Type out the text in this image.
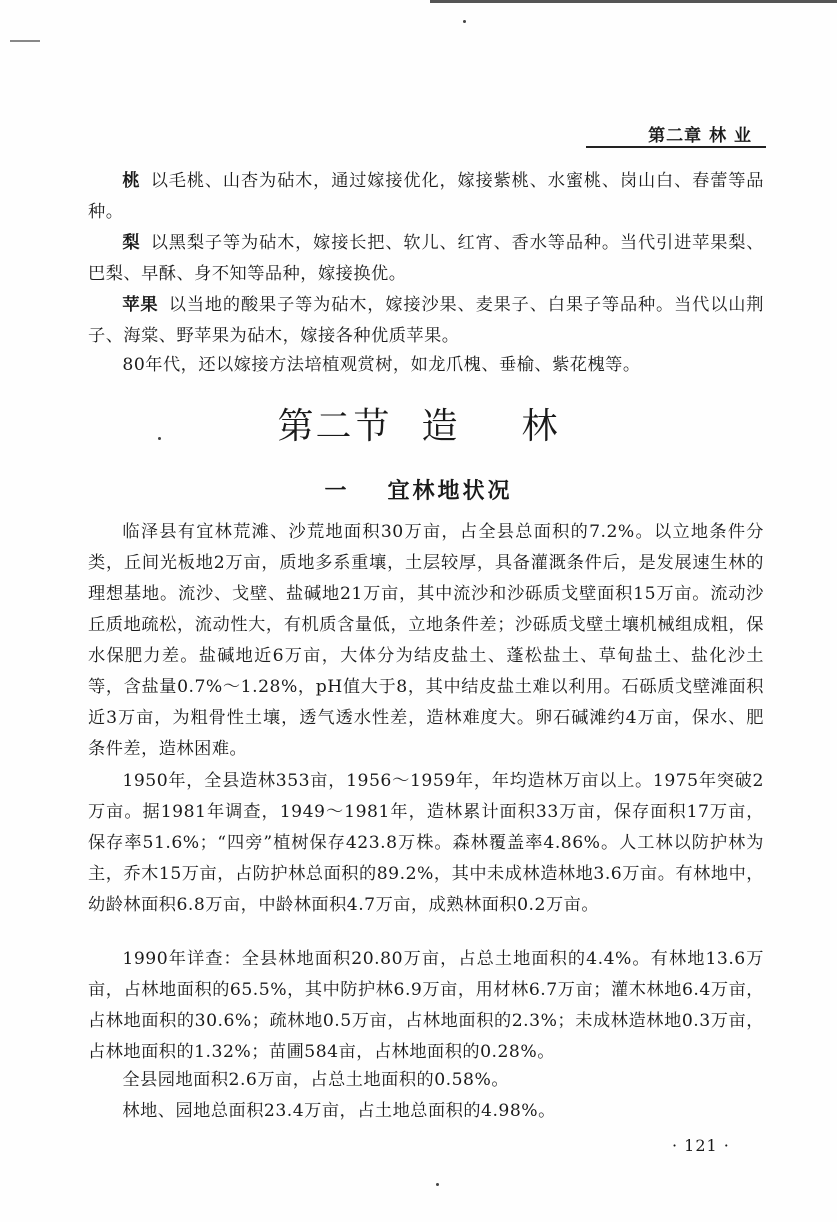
第二章 林 业

桃 以毛桃、山杏为砧木，通过嫁接优化，嫁接紫桃、水蜜桃、岗山白、春蕾等品种。

梨 以黑梨子等为砧木，嫁接长把、软儿、红宵、香水等品种。当代引进苹果梨、巴梨、早酥、身不知等品种，嫁接换优。

苹果 以当地的酸果子等为砧木，嫁接沙果、麦果子、白果子等品种。当代以山荆子、海棠、野苹果为砧木，嫁接各种优质苹果。

80年代，还以嫁接方法培植观赏树，如龙爪槐、垂榆、紫花槐等。

第二节 造 林
一 宜林地状况

临泽县有宜林荒滩、沙荒地面积30万亩，占全县总面积的7.2%。以立地条件分类，丘间光板地2万亩，质地多系重壤，土层较厚，具备灌溉条件后，是发展速生林的理想基地。流沙、戈壁、盐碱地21万亩，其中流沙和沙砾质戈壁面积15万亩。流动沙丘质地疏松，流动性大，有机质含量低，立地条件差；沙砾质戈壁土壤机械组成粗，保水保肥力差。盐碱地近6万亩，大体分为结皮盐土、蓬松盐土、草甸盐土、盐化沙土等，含盐量0.7%～1.28%，pH值大于8，其中结皮盐土难以利用。石砾质戈壁滩面积近3万亩，为粗骨性土壤，透气透水性差，造林难度大。卵石碱滩约4万亩，保水、肥条件差，造林困难。

1950年，全县造林353亩，1956～1959年，年均造林万亩以上。1975年突破2万亩。据1981年调查，1949～1981年，造林累计面积33万亩，保存面积17万亩，保存率51.6%；“四旁”植树保存423.8万株。森林覆盖率4.86%。人工林以防护林为主，乔木15万亩，占防护林总面积的89.2%，其中未成林造林地3.6万亩。有林地中，幼龄林面积6.8万亩，中龄林面积4.7万亩，成熟林面积0.2万亩。

1990年详查：全县林地面积20.80万亩，占总土地面积的4.4%。有林地13.6万亩，占林地面积的65.5%，其中防护林6.9万亩，用材林6.7万亩；灌木林地6.4万亩，占林地面积的30.6%；疏林地0.5万亩，占林地面积的2.3%；未成林造林地0.3万亩，占林地面积的1.32%；苗圃584亩，占林地面积的0.28%。

全县园地面积2.6万亩，占总土地面积的0.58%。

林地、园地总面积23.4万亩，占土地总面积的4.98%。

· 121 ·
